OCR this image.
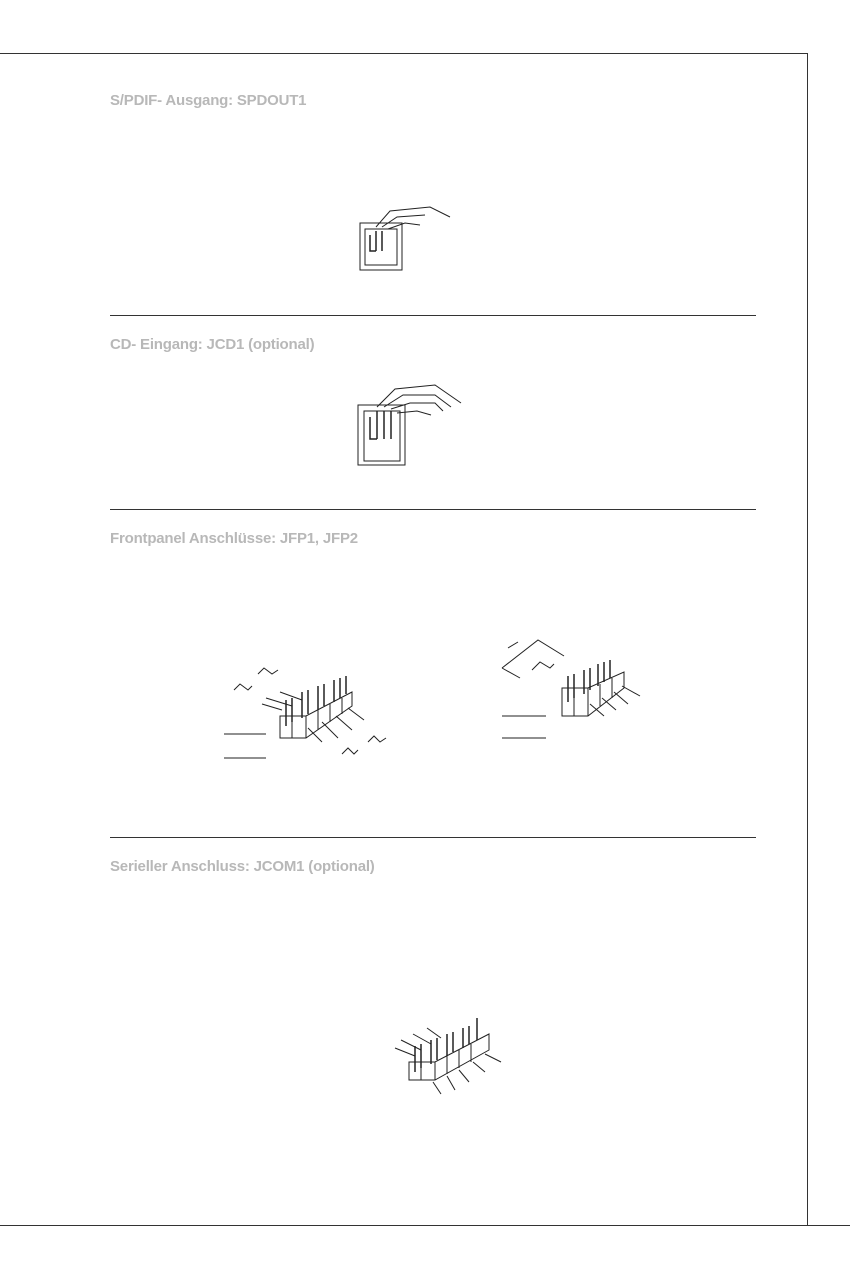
S/PDIF- Ausgang: SPDOUT1
CD- Eingang: JCD1 (optional)
Frontpanel Anschlüsse: JFP1, JFP2
Serieller Anschluss: JCOM1 (optional)
